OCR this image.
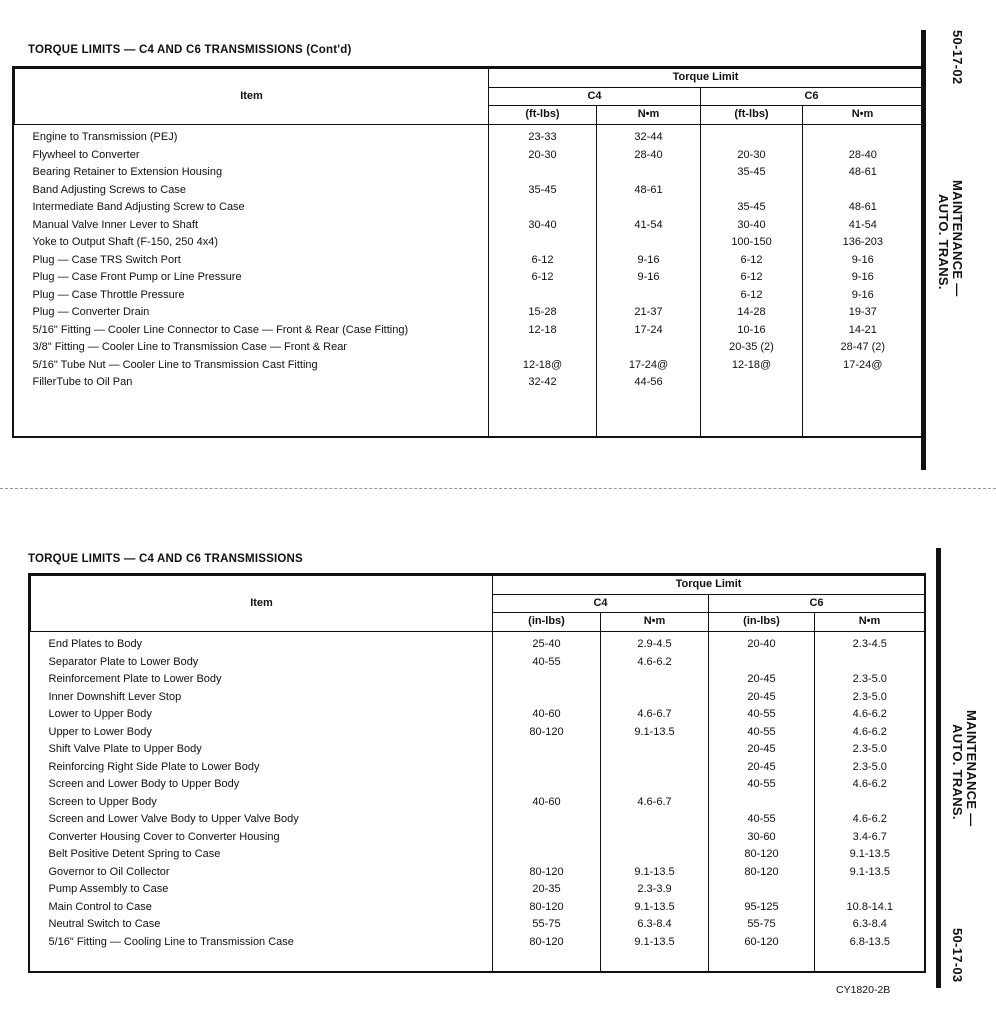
TORQUE LIMITS — C4 AND C6 TRANSMISSIONS (Cont'd)
Item	Torque Limit			
	C4		C6	
	(ft-lbs)	N•m	(ft-lbs)	N•m
Engine to Transmission (PEJ)	23-33	32-44		
Flywheel to Converter	20-30	28-40	20-30	28-40
Bearing Retainer to Extension Housing			35-45	48-61
Band Adjusting Screws to Case	35-45	48-61		
Intermediate Band Adjusting Screw to Case			35-45	48-61
Manual Valve Inner Lever to Shaft	30-40	41-54	30-40	41-54
Yoke to Output Shaft (F-150, 250 4x4)			100-150	136-203
Plug — Case TRS Switch Port	6-12	9-16	6-12	9-16
Plug — Case Front Pump or Line Pressure	6-12	9-16	6-12	9-16
Plug — Case Throttle Pressure			6-12	9-16
Plug — Converter Drain	15-28	21-37	14-28	19-37
5/16" Fitting — Cooler Line Connector to Case — Front & Rear (Case Fitting)	12-18	17-24	10-16	14-21
3/8" Fitting — Cooler Line to Transmission Case — Front & Rear			20-35 (2)	28-47 (2)
5/16" Tube Nut — Cooler Line to Transmission Cast Fitting	12-18@	17-24@	12-18@	17-24@
FillerTube to Oil Pan	32-42	44-56		

50-17-02
MAINTENANCE —
AUTO. TRANS.
TORQUE LIMITS — C4 AND C6 TRANSMISSIONS
Item	Torque Limit			
	C4		C6	
	(in-lbs)	N•m	(in-lbs)	N•m
End Plates to Body	25-40	2.9-4.5	20-40	2.3-4.5
Separator Plate to Lower Body	40-55	4.6-6.2		
Reinforcement Plate to Lower Body			20-45	2.3-5.0
Inner Downshift Lever Stop			20-45	2.3-5.0
Lower to Upper Body	40-60	4.6-6.7	40-55	4.6-6.2
Upper to Lower Body	80-120	9.1-13.5	40-55	4.6-6.2
Shift Valve Plate to Upper Body			20-45	2.3-5.0
Reinforcing Right Side Plate to Lower Body			20-45	2.3-5.0
Screen and Lower Body to Upper Body			40-55	4.6-6.2
Screen to Upper Body	40-60	4.6-6.7		
Screen and Lower Valve Body to Upper Valve Body			40-55	4.6-6.2
Converter Housing Cover to Converter Housing			30-60	3.4-6.7
Belt Positive Detent Spring to Case			80-120	9.1-13.5
Governor to Oil Collector	80-120	9.1-13.5	80-120	9.1-13.5
Pump Assembly to Case	20-35	2.3-3.9		
Main Control to Case	80-120	9.1-13.5	95-125	10.8-14.1
Neutral Switch to Case	55-75	6.3-8.4	55-75	6.3-8.4
5/16" Fitting — Cooling Line to Transmission Case	80-120	9.1-13.5	60-120	6.8-13.5

CY1820-2B
MAINTENANCE —
AUTO. TRANS.
50-17-03
